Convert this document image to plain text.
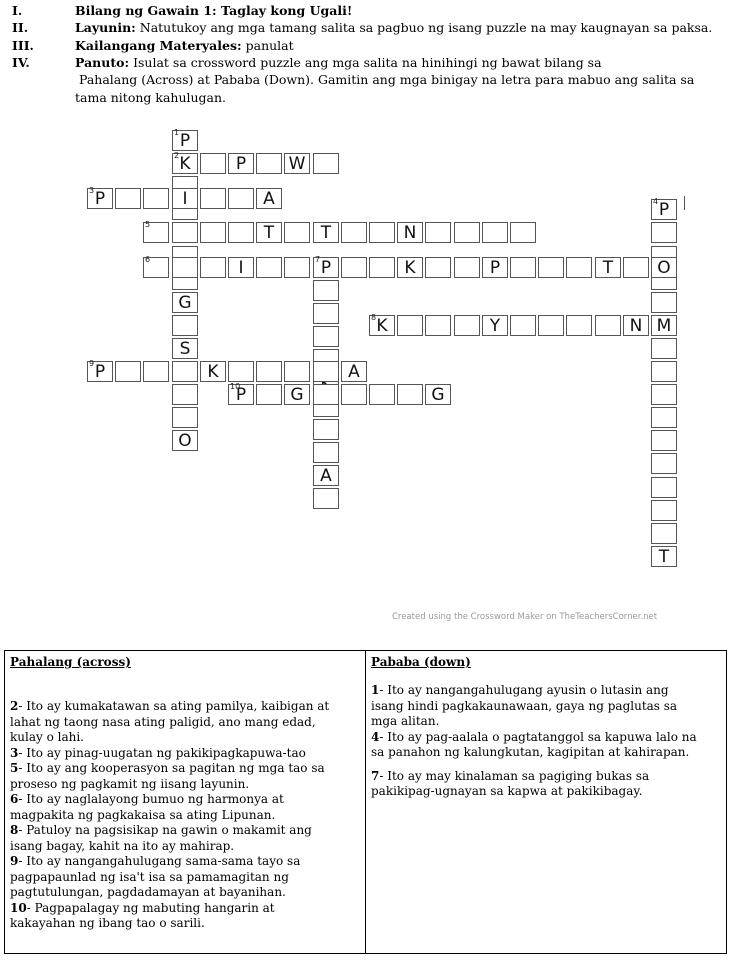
I.	Bilang ng Gawain 1: Taglay kong Ugali!
II.	Layunin: Natutukoy ang mga tamang salita sa pagbuo ng isang puzzle na may kaugnayan sa paksa.
III.	Kailangang Materyales: panulat
IV.	Panuto: Isulat sa crossword puzzle ang mga salita na hinihingi ng bawat bilang sa
Pahalang (Across) at Pababa (Down). Gamitin ang mga binigay na letra para mabuo ang salita sa
tama nitong kahulugan.
1 P
2 K
G
S
O
P	W
3 P	I	A	4 P
M
T
5	T	T	N
6	I	7 P	K	P	T	O
A
8 K	Y	N
9 P	K	A
10
P	G	G
Created using the Crossword Maker on TheTeachersCorner.net
Pahalang (across)	Pababa (down)
2- Ito ay kumakatawan sa ating pamilya, kaibigan at
lahat ng taong nasa ating paligid, ano mang edad,
kulay o lahi.
3- Ito ay pinag-uugatan ng pakikipagkapuwa-tao
5- Ito ay ang kooperasyon sa pagitan ng mga tao sa
proseso ng pagkamit ng iisang layunin.
6- Ito ay naglalayong bumuo ng harmonya at
magpakita ng pagkakaisa sa ating Lipunan.
8- Patuloy na pagsisikap na gawin o makamit ang
isang bagay, kahit na ito ay mahirap.
9- Ito ay nangangahulugang sama-sama tayo sa
pagpapaunlad ng isa't isa sa pamamagitan ng
pagtutulungan, pagdadamayan at bayanihan.
10- Pagpapalagay ng mabuting hangarin at
kakayahan ng ibang tao o sarili.
1- Ito ay nangangahulugang ayusin o lutasin ang
isang hindi pagkakaunawaan, gaya ng paglutas sa
mga alitan.
4- Ito ay pag-aalala o pagtatanggol sa kapuwa lalo na
sa panahon ng kalungkutan, kagipitan at kahirapan.
7- Ito ay may kinalaman sa pagiging bukas sa
pakikipag-ugnayan sa kapwa at pakikibagay.
